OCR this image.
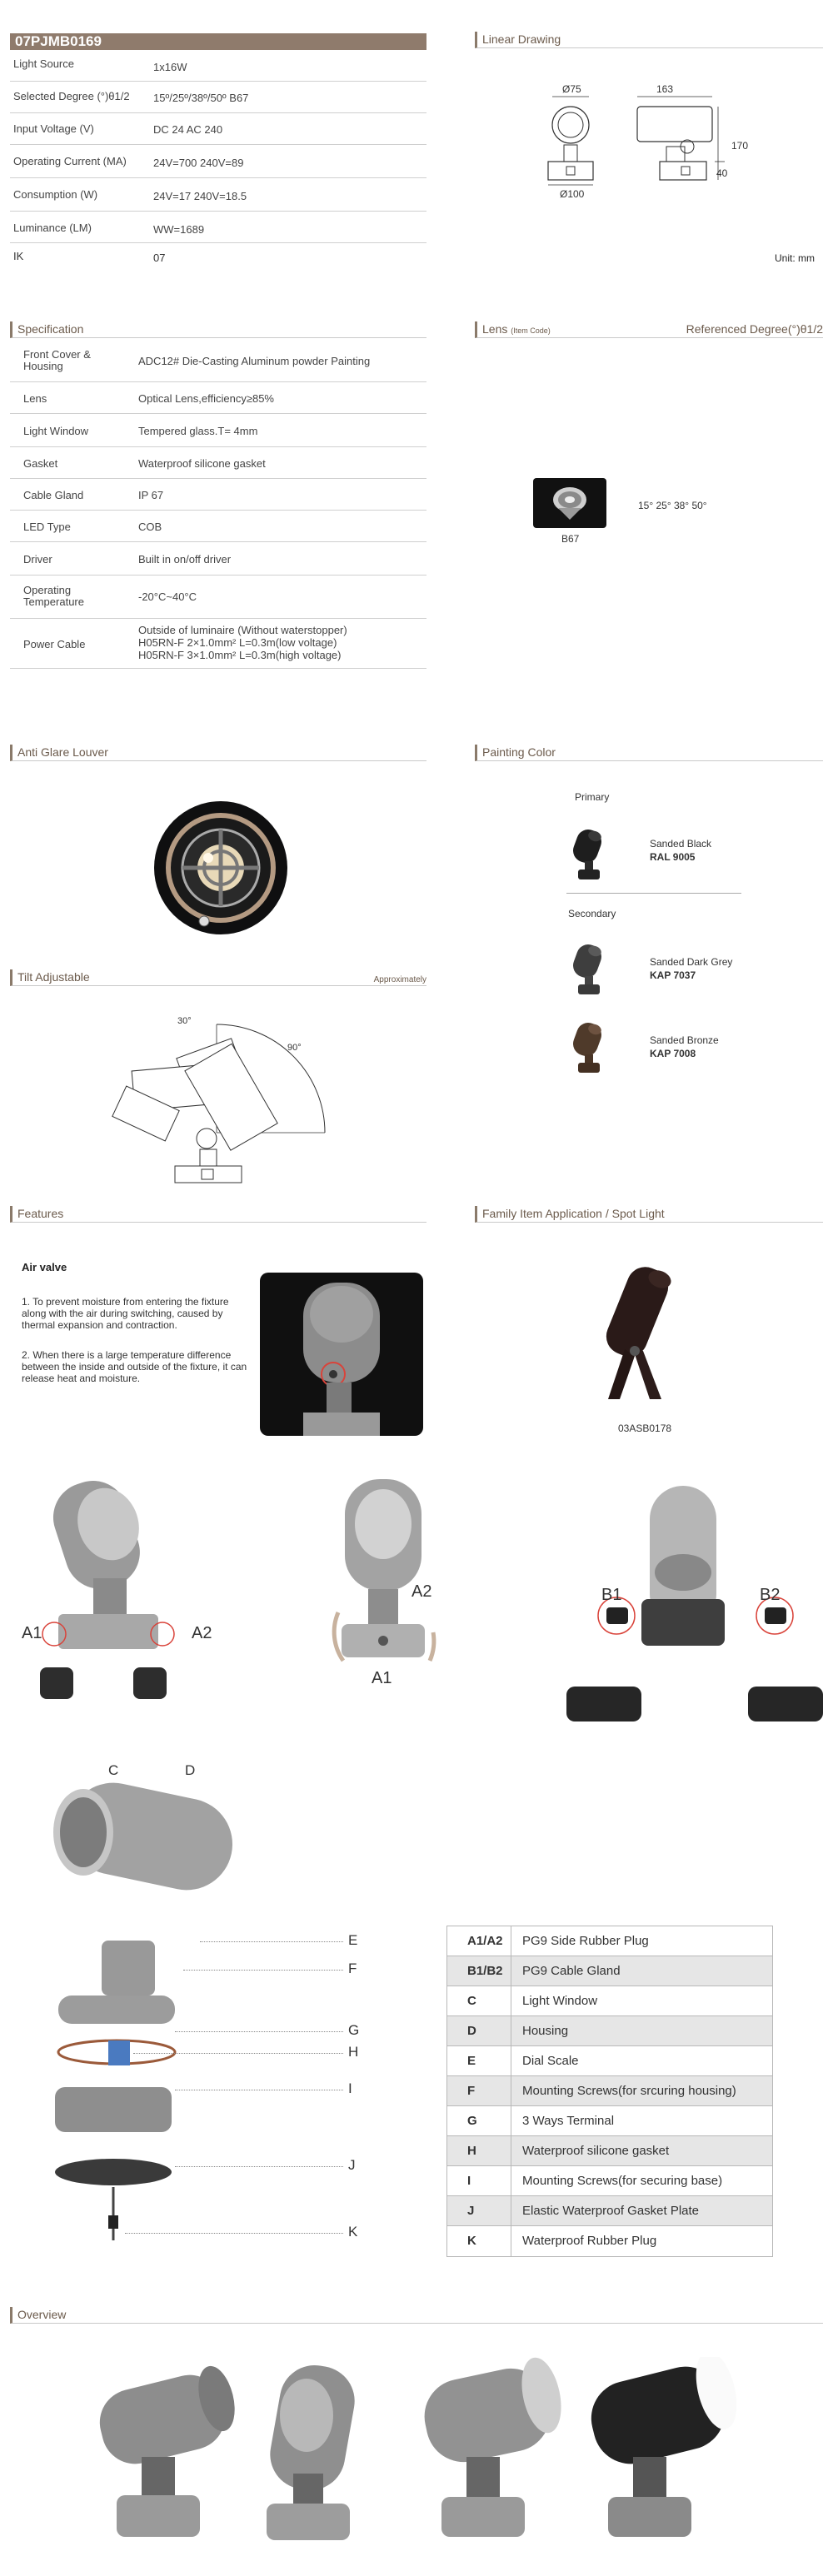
07PJMB0169
Light Source	1x16W
Selected Degree (°)θ1/2 15º/25º/38º/50º B67
Input Voltage (V)	DC 24 AC 240
Operating Current (MA) 24V=700 240V=89
Consumption (W)	24V=17 240V=18.5
Luminance (LM)	WW=1689
IK	07
Linear Drawing
Ø75
Ø100
163
170
40
Unit: mm
Specification
Front Cover & Housing	ADC12# Die-Casting Aluminum powder Painting
Lens	Optical Lens,efficiency≥85%
Light Window	Tempered glass.T= 4mm
Gasket	Waterproof silicone gasket
Cable Gland	IP 67
LED Type	COB
Driver	Built in on/off driver
Operating Temperature	-20°C~40°C
Power Cable
Outside of luminaire (Without waterstopper)
H05RN-F 2×1.0mm² L=0.3m(low voltage)
H05RN-F 3×1.0mm² L=0.3m(high voltage)
Lens (Item Code)	Referenced Degree(°)θ1/2
B67
15° 25° 38° 50°
Anti Glare Louver
Tilt Adjustable	Approximately
30°
90°
Painting Color
Primary
Sanded Black
RAL 9005
Secondary
Sanded Dark Grey
KAP 7037
Sanded Bronze
KAP 7008
Features
Air valve
1. To prevent moisture from entering the fixture along with the air during switching, caused by thermal expansion and contraction.
2. When there is a large temperature difference between the inside and outside of the fixture, it can release heat and moisture.
Family Item Application / Spot Light
03ASB0178
A1	A2
A2
A1
B1	B2
C	D
E
F
G
H
I
J
K
A1/A2 PG9 Side Rubber Plug
B1/B2 PG9 Cable Gland
C	Light Window
D	Housing
E	Dial Scale
F	Mounting Screws(for srcuring housing)
G	3 Ways Terminal
H	Waterproof silicone gasket
I	Mounting Screws(for securing base)
J	Elastic Waterproof Gasket Plate
K	Waterproof Rubber Plug
Overview
